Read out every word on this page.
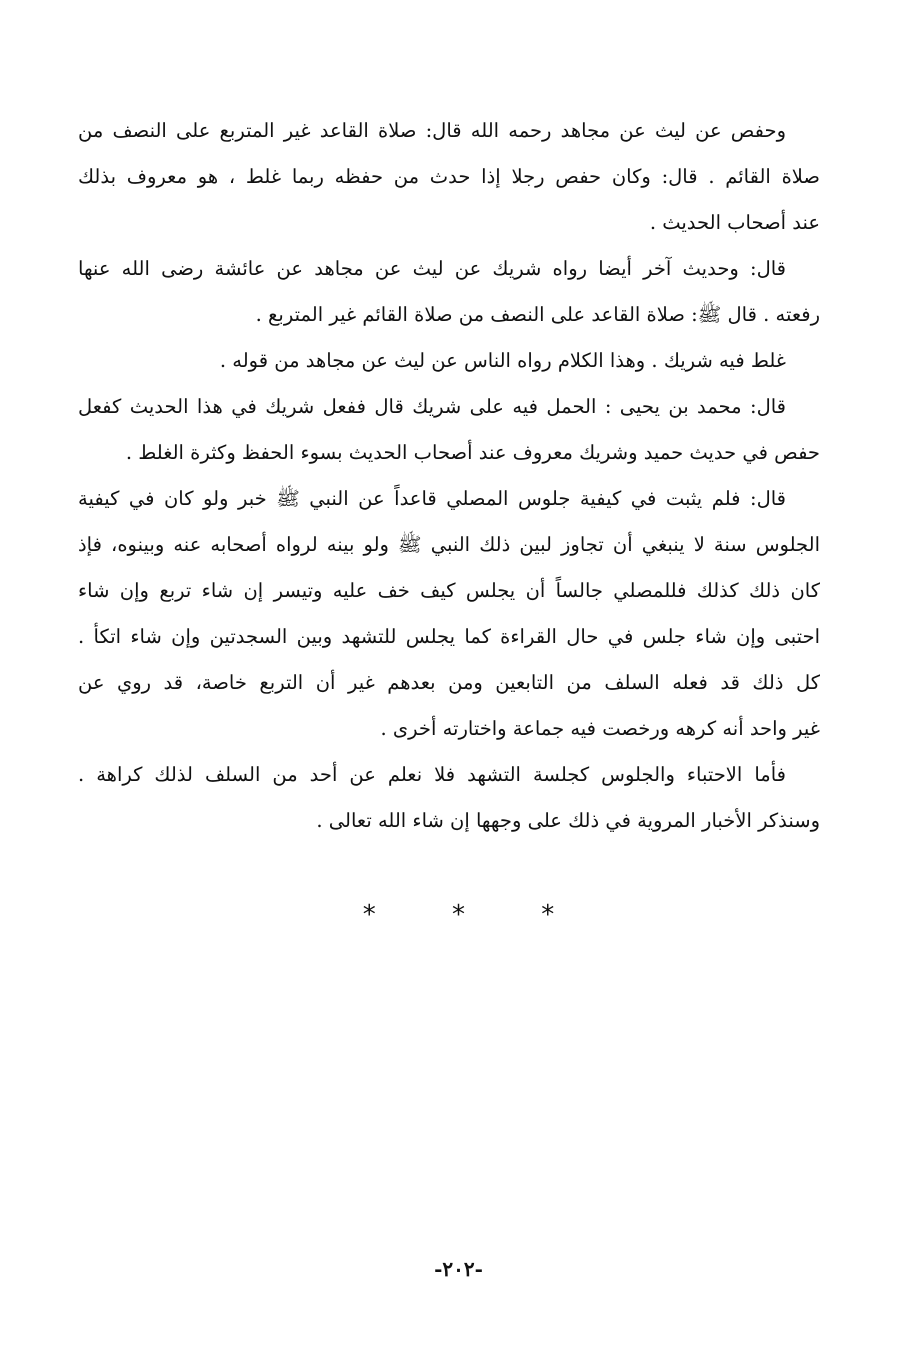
وحفص عن ليث عن مجاهد رحمه الله قال: صلاة القاعد غير المتربع على النصف من
صلاة القائم . قال: وكان حفص رجلا إذا حدث من حفظه ربما غلط ، هو معروف بذلك
عند أصحاب الحديث .
قال: وحديث آخر أيضا رواه شريك عن ليث عن مجاهد عن عائشة رضى الله عنها
رفعته . قال ﷺ: صلاة القاعد على النصف من صلاة القائم غير المتربع .
غلط فيه شريك . وهذا الكلام رواه الناس عن ليث عن مجاهد من قوله .
قال: محمد بن يحيى : الحمل فيه على شريك قال ففعل شريك في هذا الحديث كفعل
حفص في حديث حميد وشريك معروف عند أصحاب الحديث بسوء الحفظ وكثرة الغلط .
قال: فلم يثبت في كيفية جلوس المصلي قاعداً عن النبي ﷺ خبر ولو كان في كيفية
الجلوس سنة لا ينبغي أن تجاوز لبين ذلك النبي ﷺ ولو بينه لرواه أصحابه عنه وبينوه، فإذ
كان ذلك كذلك فللمصلي جالساً أن يجلس كيف خف عليه وتيسر إن شاء تربع وإن شاء
احتبى وإن شاء جلس في حال القراءة كما يجلس للتشهد وبين السجدتين وإن شاء اتكأ .
كل ذلك قد فعله السلف من التابعين ومن بعدهم غير أن التربع خاصة، قد روي عن
غير واحد أنه كرهه ورخصت فيه جماعة واختارته أخرى .
فأما الاحتباء والجلوس كجلسة التشهد فلا نعلم عن أحد من السلف لذلك كراهة .
وسنذكر الأخبار المروية في ذلك على وجهها إن شاء الله تعالى .
*	*	*
-٢٠٢-
